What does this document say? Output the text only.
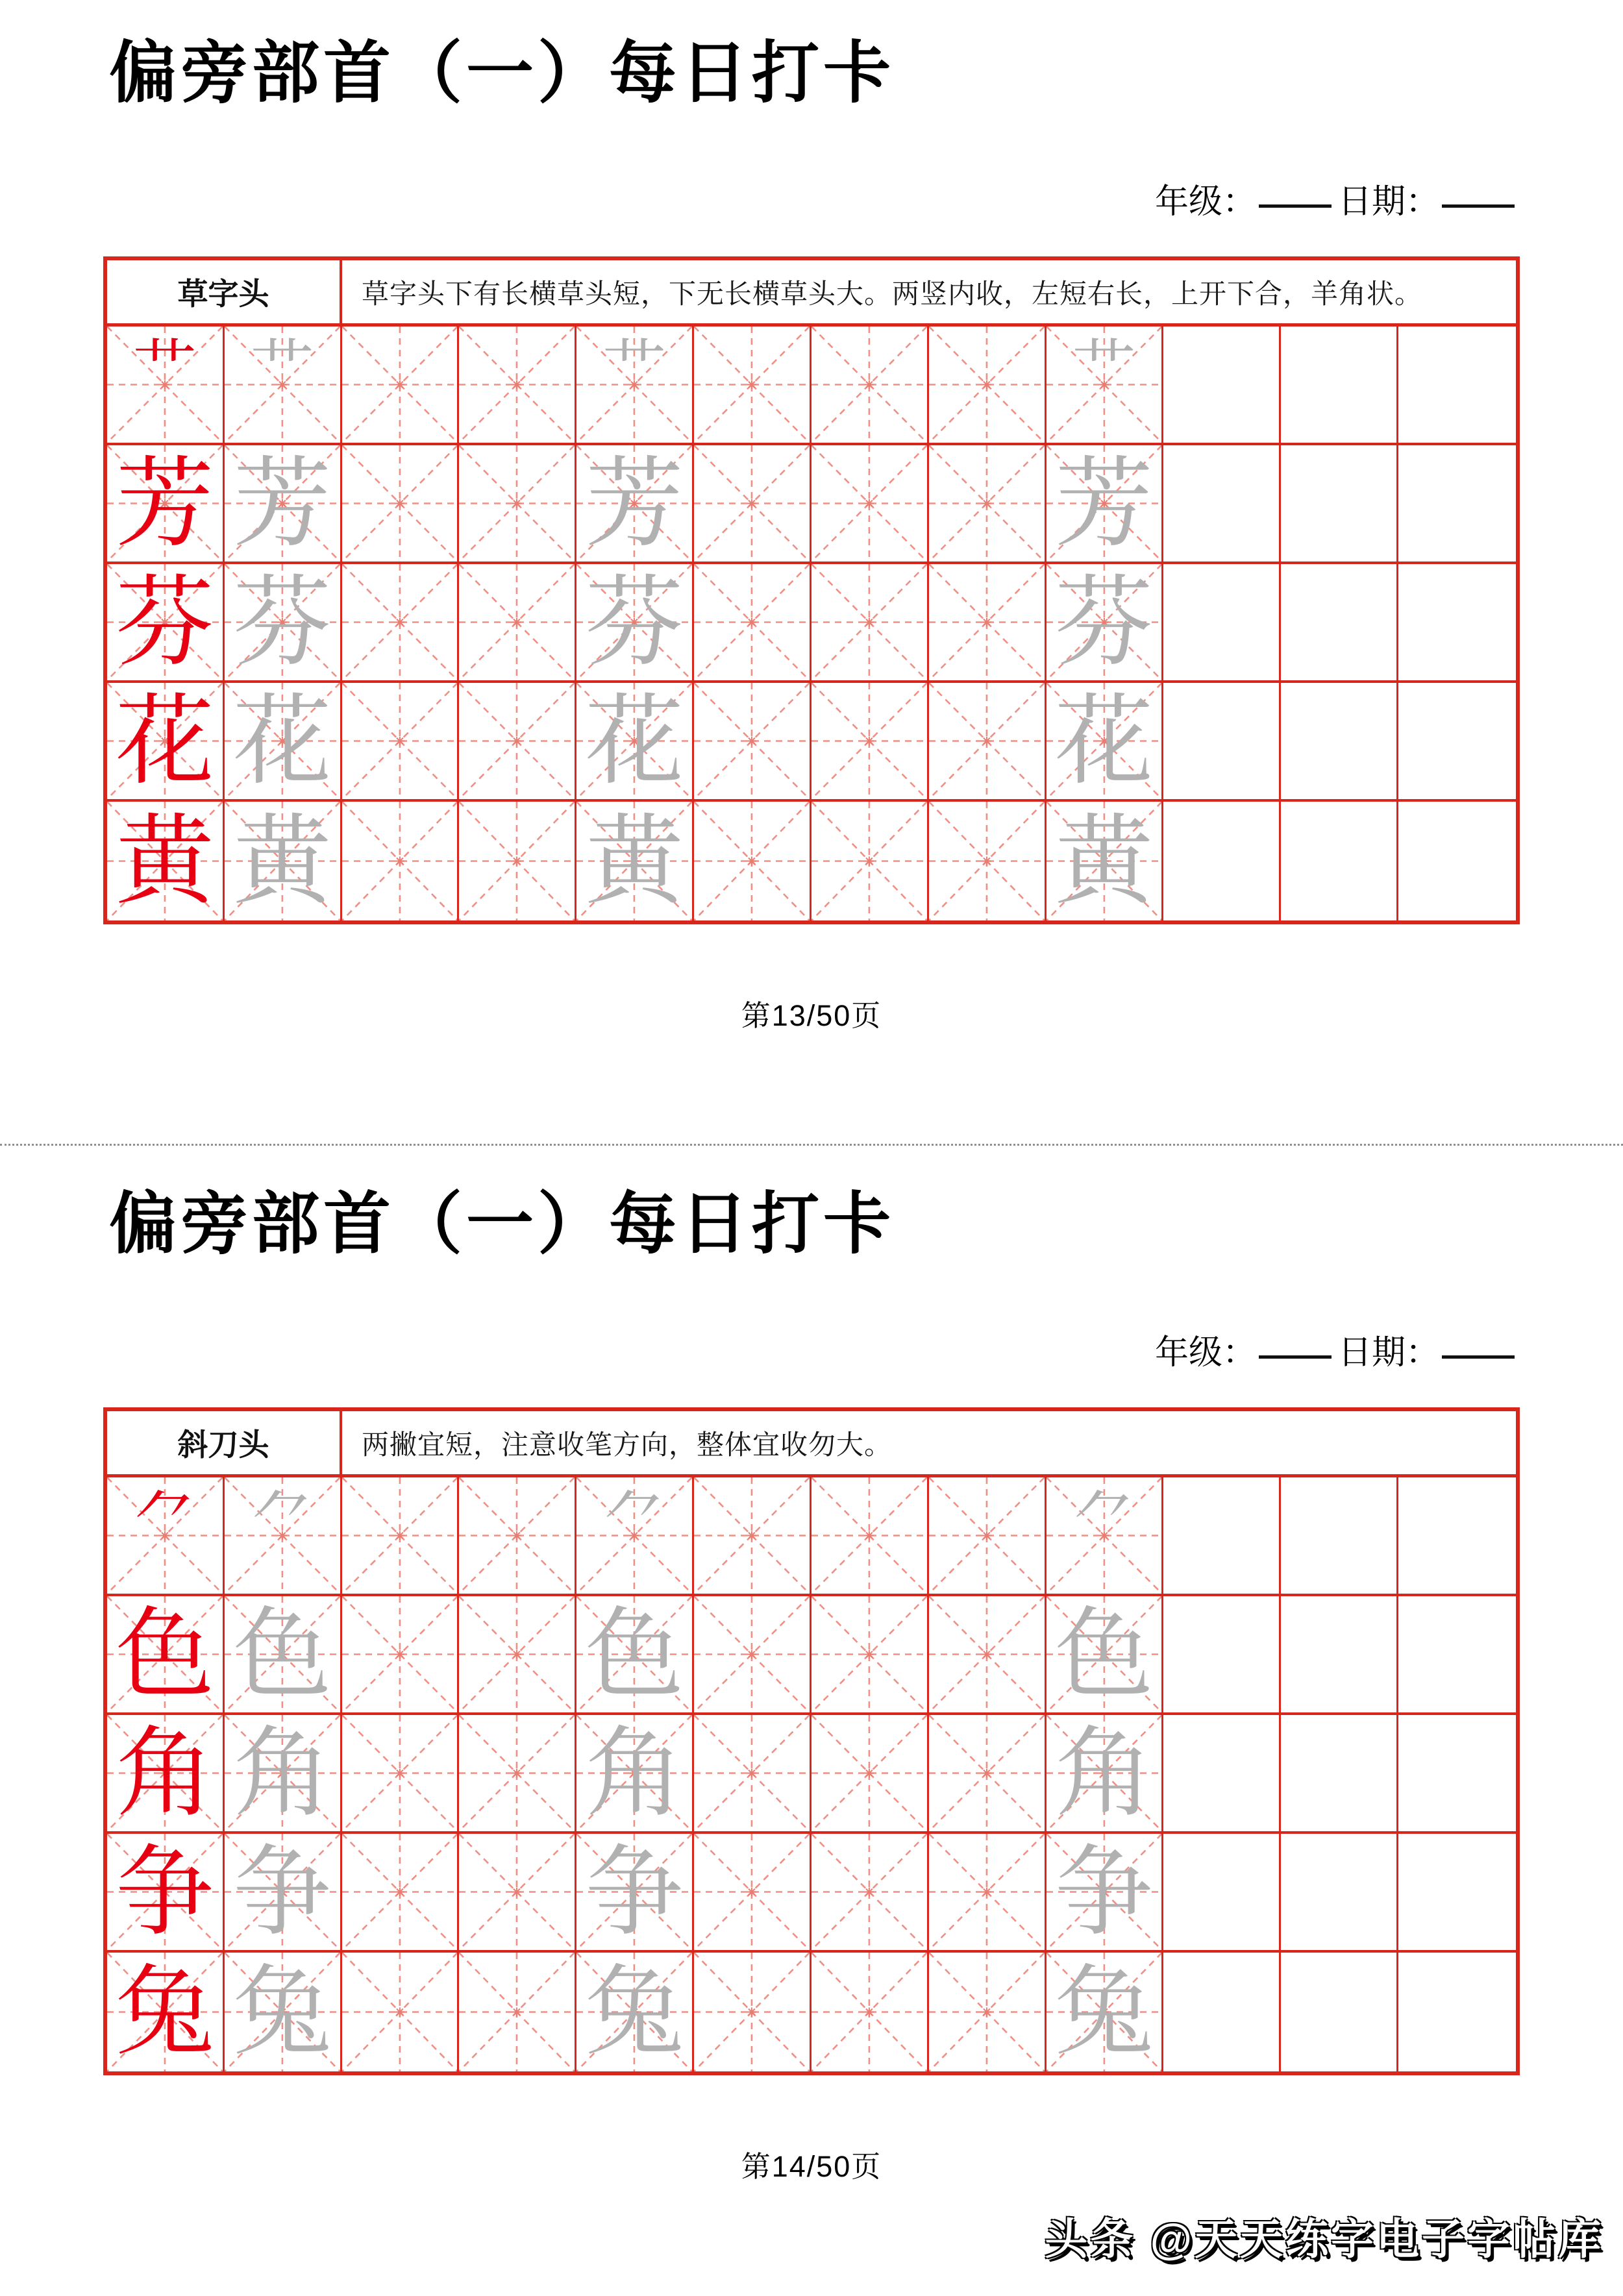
偏旁部首（一）每日打卡
年级： 日期：
草字头	草字头下有长横草头短，下无长横草头大。两竖内收，左短右长，上开下合，羊角状。
艹 艹	艹	艹
芳 芳	芳	芳
芬 芬	芬	芬
花 花	花	花
黄 黄	黄	黄
第13/50页
偏旁部首（一）每日打卡
年级： 日期：
斜刀头	两撇宜短，注意收笔方向，整体宜收勿大。
⺈ ⺈	⺈	⺈
色 色	色	色
角 角	角	角
争 争	争	争
兔 兔	兔	兔
第14/50页
头条 @天天练字电子字帖库
